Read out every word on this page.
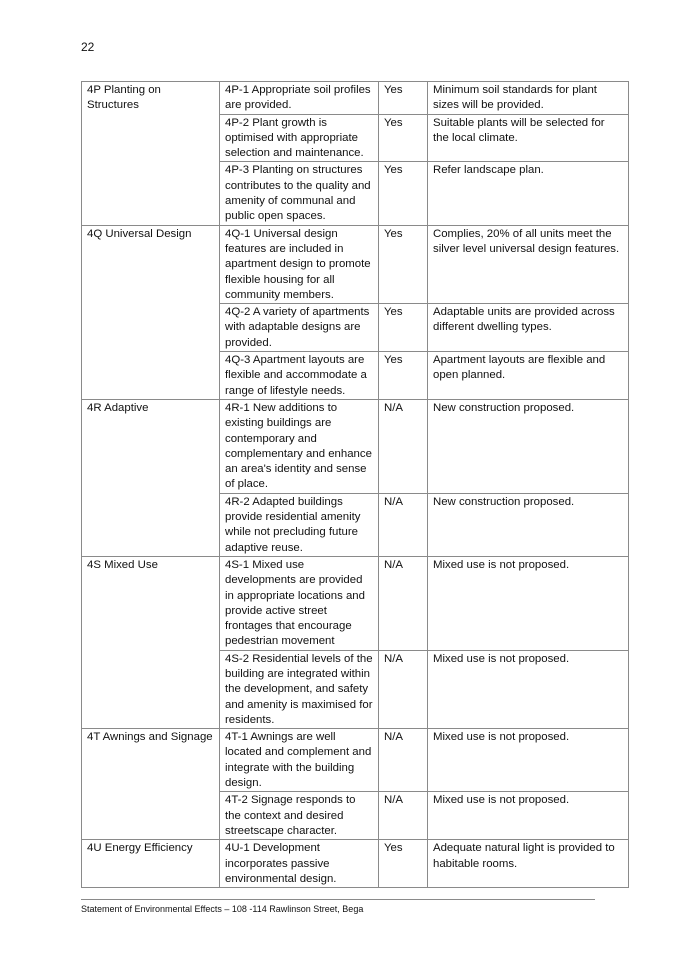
22
4P Planting on Structures	4P-1 Appropriate soil profiles are provided.	Yes	Minimum soil standards for plant sizes will be provided.
	4P-2 Plant growth is optimised with appropriate selection and maintenance.	Yes	Suitable plants will be selected for the local climate.
	4P-3 Planting on structures contributes to the quality and amenity of communal and public open spaces.	Yes	Refer landscape plan.
4Q Universal Design	4Q-1 Universal design features are included in apartment design to promote flexible housing for all community members.	Yes	Complies, 20% of all units meet the silver level universal design features.
	4Q-2 A variety of apartments with adaptable designs are provided.	Yes	Adaptable units are provided across different dwelling types.
	4Q-3 Apartment layouts are flexible and accommodate a range of lifestyle needs.	Yes	Apartment layouts are flexible and open planned.
4R Adaptive	4R-1 New additions to existing buildings are contemporary and complementary and enhance an area's identity and sense of place.	N/A	New construction proposed.
	4R-2 Adapted buildings provide residential amenity while not precluding future adaptive reuse.	N/A	New construction proposed.
4S Mixed Use	4S-1 Mixed use developments are provided in appropriate locations and provide active street frontages that encourage pedestrian movement	N/A	Mixed use is not proposed.
	4S-2 Residential levels of the building are integrated within the development, and safety and amenity is maximised for residents.	N/A	Mixed use is not proposed.
4T Awnings and Signage	4T-1 Awnings are well located and complement and integrate with the building design.	N/A	Mixed use is not proposed.
	4T-2 Signage responds to the context and desired streetscape character.	N/A	Mixed use is not proposed.
4U Energy Efficiency	4U-1 Development incorporates passive environmental design.	Yes	Adequate natural light is provided to habitable rooms.
Statement of Environmental Effects – 108 -114 Rawlinson Street, Bega
